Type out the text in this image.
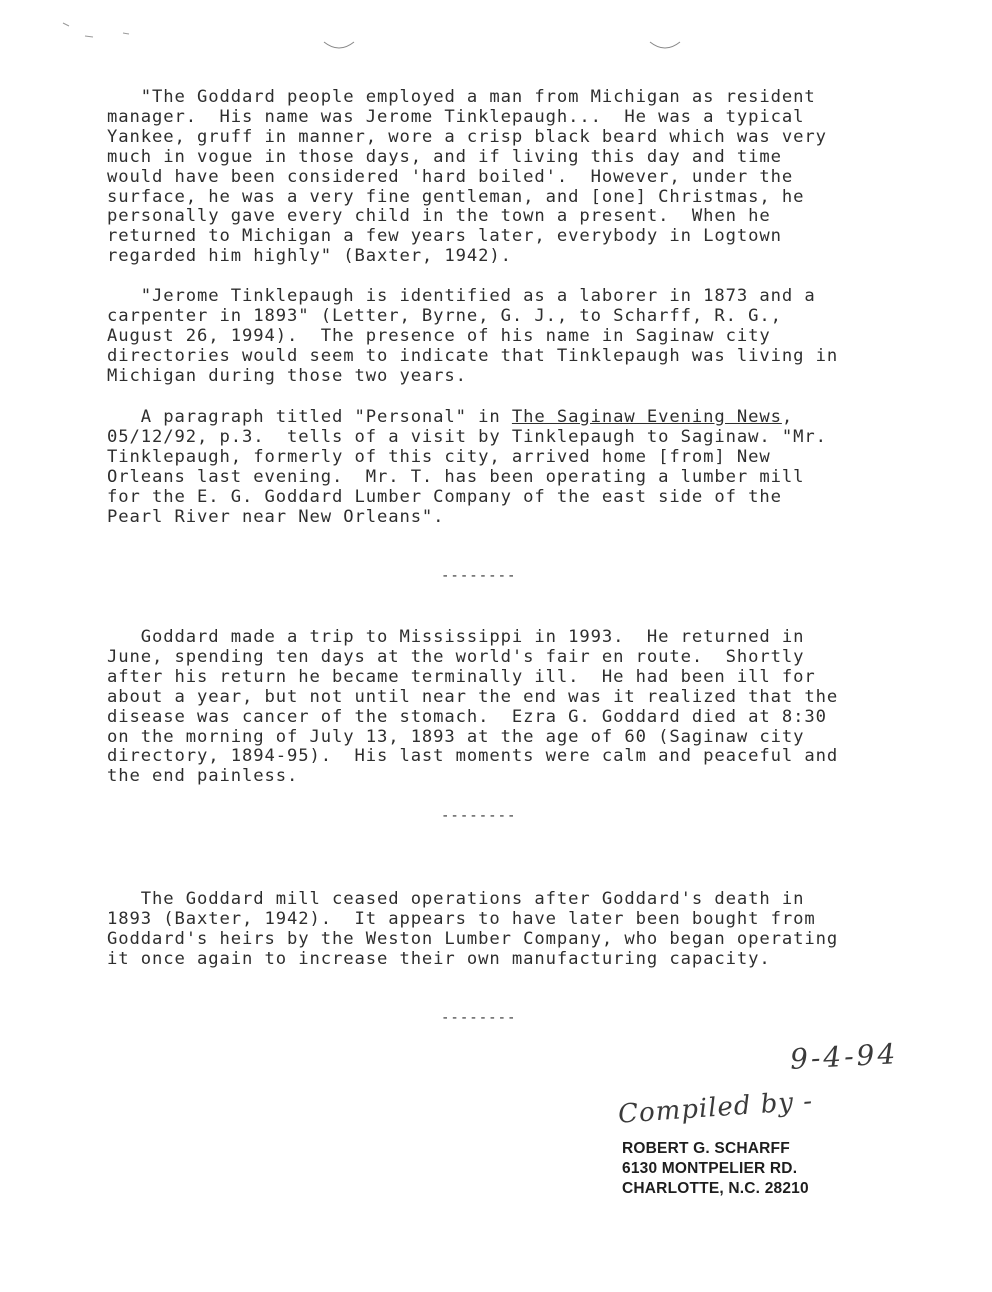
"The Goddard people employed a man from Michigan as resident
manager.  His name was Jerome Tinklepaugh...  He was a typical
Yankee, gruff in manner, wore a crisp black beard which was very
much in vogue in those days, and if living this day and time
would have been considered 'hard boiled'.  However, under the
surface, he was a very fine gentleman, and [one] Christmas, he
personally gave every child in the town a present.  When he
returned to Michigan a few years later, everybody in Logtown
regarded him highly" (Baxter, 1942).
"Jerome Tinklepaugh is identified as a laborer in 1873 and a
carpenter in 1893" (Letter, Byrne, G. J., to Scharff, R. G.,
August 26, 1994).  The presence of his name in Saginaw city
directories would seem to indicate that Tinklepaugh was living in
Michigan during those two years.
A paragraph titled "Personal" in The Saginaw Evening News,
05/12/92, p.3.  tells of a visit by Tinklepaugh to Saginaw. "Mr.
Tinklepaugh, formerly of this city, arrived home [from] New
Orleans last evening.  Mr. T. has been operating a lumber mill
for the E. G. Goddard Lumber Company of the east side of the
Pearl River near New Orleans".
--------
Goddard made a trip to Mississippi in 1993.  He returned in
June, spending ten days at the world's fair en route.  Shortly
after his return he became terminally ill.  He had been ill for
about a year, but not until near the end was it realized that the
disease was cancer of the stomach.  Ezra G. Goddard died at 8:30
on the morning of July 13, 1893 at the age of 60 (Saginaw city
directory, 1894-95).  His last moments were calm and peaceful and
the end painless.
--------
The Goddard mill ceased operations after Goddard's death in
1893 (Baxter, 1942).  It appears to have later been bought from
Goddard's heirs by the Weston Lumber Company, who began operating
it once again to increase their own manufacturing capacity.
--------
9-4-94
Compiled by -
ROBERT G. SCHARFF
6130 MONTPELIER RD.
CHARLOTTE, N.C. 28210
